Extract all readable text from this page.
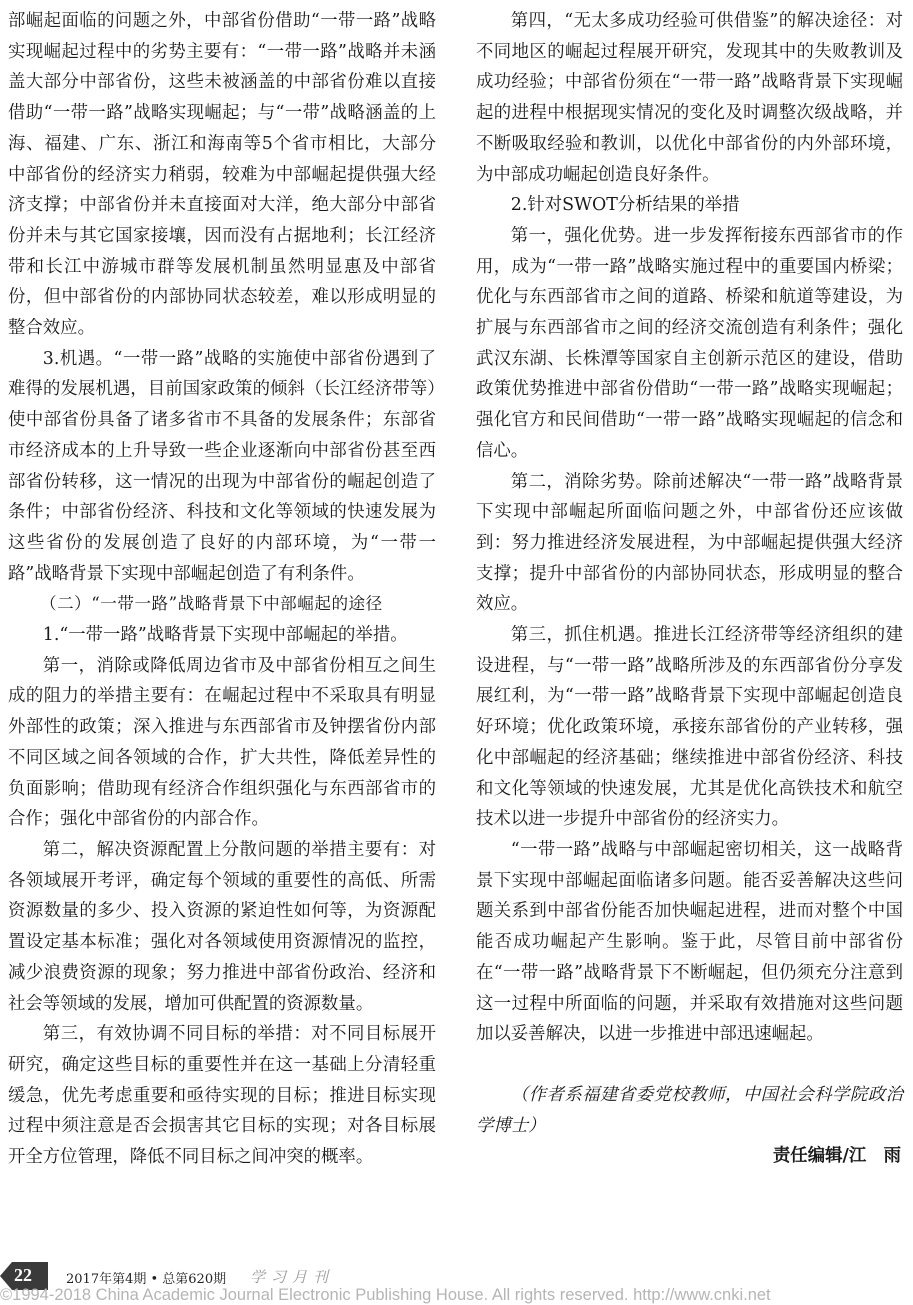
部崛起面临的问题之外，中部省份借助“一带一路”战略实现崛起过程中的劣势主要有：“一带一路”战略并未涵盖大部分中部省份，这些未被涵盖的中部省份难以直接借助“一带一路”战略实现崛起；与“一带”战略涵盖的上海、福建、广东、浙江和海南等5个省市相比，大部分中部省份的经济实力稍弱，较难为中部崛起提供强大经济支撑；中部省份并未直接面对大洋，绝大部分中部省份并未与其它国家接壤，因而没有占据地利；长江经济带和长江中游城市群等发展机制虽然明显惠及中部省份，但中部省份的内部协同状态较差，难以形成明显的整合效应。

3.机遇。“一带一路”战略的实施使中部省份遇到了难得的发展机遇，目前国家政策的倾斜（长江经济带等）使中部省份具备了诸多省市不具备的发展条件；东部省市经济成本的上升导致一些企业逐渐向中部省份甚至西部省份转移，这一情况的出现为中部省份的崛起创造了条件；中部省份经济、科技和文化等领域的快速发展为这些省份的发展创造了良好的内部环境，为“一带一路”战略背景下实现中部崛起创造了有利条件。

（二）“一带一路”战略背景下中部崛起的途径

1.“一带一路”战略背景下实现中部崛起的举措。

第一，消除或降低周边省市及中部省份相互之间生成的阻力的举措主要有：在崛起过程中不采取具有明显外部性的政策；深入推进与东西部省市及钟摆省份内部不同区域之间各领域的合作，扩大共性，降低差异性的负面影响；借助现有经济合作组织强化与东西部省市的合作；强化中部省份的内部合作。

第二，解决资源配置上分散问题的举措主要有：对各领域展开考评，确定每个领域的重要性的高低、所需资源数量的多少、投入资源的紧迫性如何等，为资源配置设定基本标准；强化对各领域使用资源情况的监控，减少浪费资源的现象；努力推进中部省份政治、经济和社会等领域的发展，增加可供配置的资源数量。

第三，有效协调不同目标的举措：对不同目标展开研究，确定这些目标的重要性并在这一基础上分清轻重缓急，优先考虑重要和亟待实现的目标；推进目标实现过程中须注意是否会损害其它目标的实现；对各目标展开全方位管理，降低不同目标之间冲突的概率。

第四，“无太多成功经验可供借鉴”的解决途径：对不同地区的崛起过程展开研究，发现其中的失败教训及成功经验；中部省份须在“一带一路”战略背景下实现崛起的进程中根据现实情况的变化及时调整次级战略，并不断吸取经验和教训，以优化中部省份的内外部环境，为中部成功崛起创造良好条件。

2.针对SWOT分析结果的举措

第一，强化优势。进一步发挥衔接东西部省市的作用，成为“一带一路”战略实施过程中的重要国内桥梁；优化与东西部省市之间的道路、桥梁和航道等建设，为扩展与东西部省市之间的经济交流创造有利条件；强化武汉东湖、长株潭等国家自主创新示范区的建设，借助政策优势推进中部省份借助“一带一路”战略实现崛起；强化官方和民间借助“一带一路”战略实现崛起的信念和信心。

第二，消除劣势。除前述解决“一带一路”战略背景下实现中部崛起所面临问题之外，中部省份还应该做到：努力推进经济发展进程，为中部崛起提供强大经济支撑；提升中部省份的内部协同状态，形成明显的整合效应。

第三，抓住机遇。推进长江经济带等经济组织的建设进程，与“一带一路”战略所涉及的东西部省份分享发展红利，为“一带一路”战略背景下实现中部崛起创造良好环境；优化政策环境，承接东部省份的产业转移，强化中部崛起的经济基础；继续推进中部省份经济、科技和文化等领域的快速发展，尤其是优化高铁技术和航空技术以进一步提升中部省份的经济实力。

“一带一路”战略与中部崛起密切相关，这一战略背景下实现中部崛起面临诸多问题。能否妥善解决这些问题关系到中部省份能否加快崛起进程，进而对整个中国能否成功崛起产生影响。鉴于此，尽管目前中部省份在“一带一路”战略背景下不断崛起，但仍须充分注意到这一过程中所面临的问题，并采取有效措施对这些问题加以妥善解决，以进一步推进中部迅速崛起。

（作者系福建省委党校教师，中国社会科学院政治学博士）

责任编辑/江　雨
22	2017年第4期 • 总第620期 学习月刊
©1994-2018 China Academic Journal Electronic Publishing House. All rights reserved. http://www.cnki.net
